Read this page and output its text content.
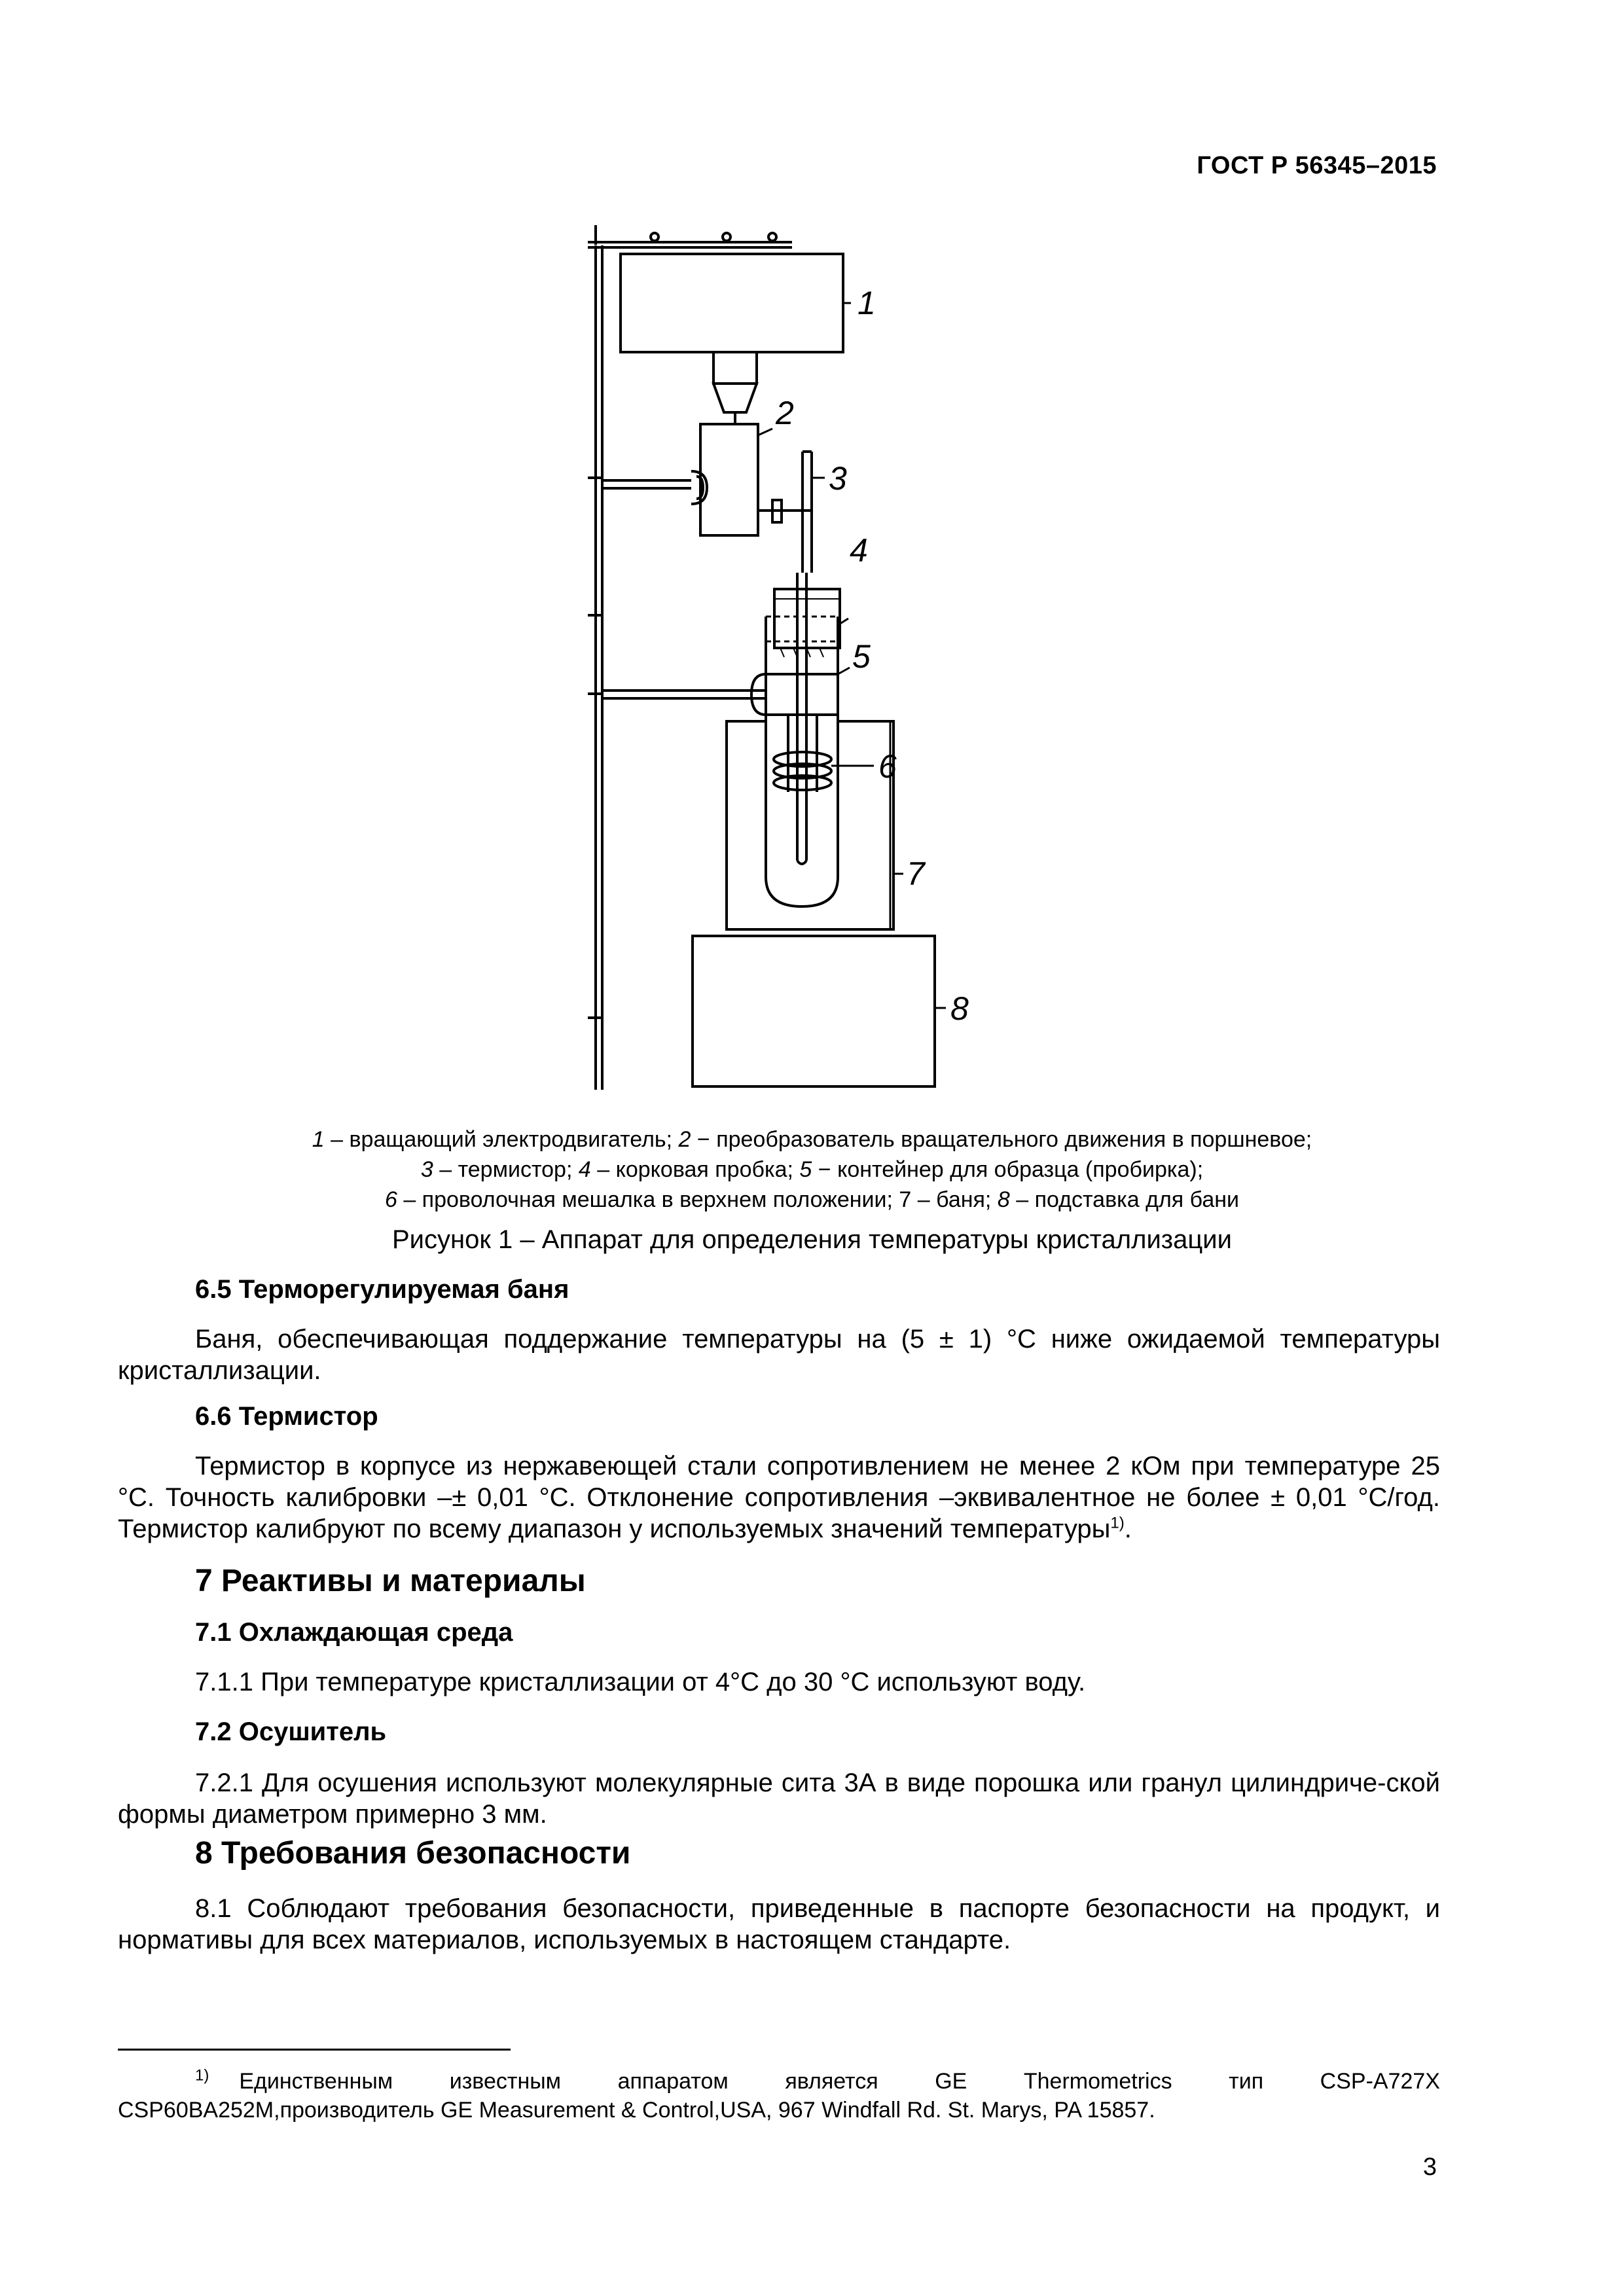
ГОСТ Р 56345–2015
1
2
3
4
5
6
7
8
1 – вращающий электродвигатель; 2 − преобразователь вращательного движения в поршневое;
3 – термистор; 4 – корковая пробка; 5 − контейнер для образца (пробирка);
6 – проволочная мешалка в верхнем положении; 7 – баня; 8 – подставка для бани
Рисунок 1 – Аппарат для определения температуры кристаллизации
6.5 Терморегулируемая баня
Баня, обеспечивающая поддержание температуры на (5 ± 1) °С ниже ожидаемой температуры кристаллизации.
6.6 Термистор
Термистор в корпусе из нержавеющей стали сопротивлением не менее 2 кОм при температуре 25 °С. Точность калибровки –± 0,01 °С. Отклонение сопротивления –эквивалентное не более ± 0,01 °С/год. Термистор калибруют по всему диапазон у используемых значений температуры$^{1)}$.
7 Реактивы и материалы
7.1 Охлаждающая среда
7.1.1 При температуре кристаллизации от 4°С до 30 °С используют воду.
7.2 Осушитель
7.2.1 Для осушения используют молекулярные сита 3А в виде порошка или гранул цилиндриче-ской формы диаметром примерно 3 мм.
8 Требования безопасности
8.1 Соблюдают требования безопасности, приведенные в паспорте безопасности на продукт, и нормативы для всех материалов, используемых в настоящем стандарте.
$^{1)}$ Единственным	известным	аппаратом	является	GE	Thermometrics	тип	CSP-A727X
CSP60BA252M,производитель GE Measurement & Control,USA, 967 Windfall Rd. St. Marys, PA 15857.
3
